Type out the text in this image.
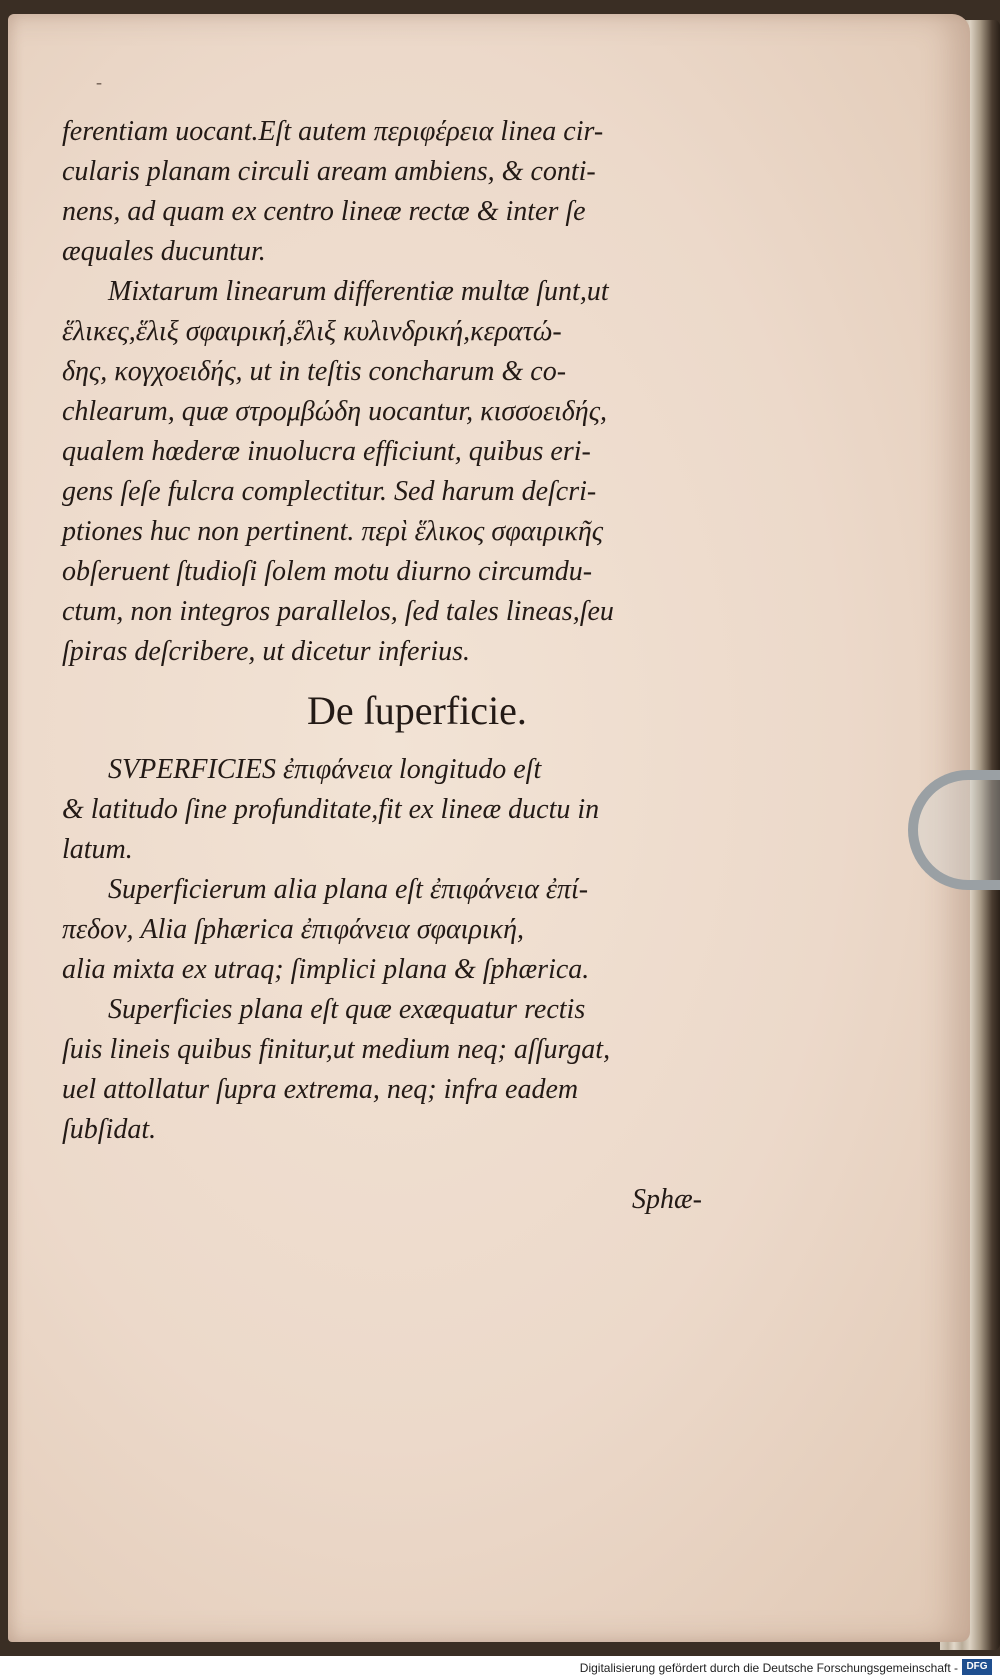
-
ferentiam uocant.Eſt autem περιφέρεια linea cir-
cularis planam circuli aream ambiens, & conti-
nens, ad quam ex centro lineæ rectæ & inter ſe
æquales ducuntur.
Mixtarum linearum differentiæ multæ ſunt,ut
ἕλικες,ἕλιξ σφαιρική,ἕλιξ κυλινδρική,κερατώ-
δης, κογχοειδής, ut in teſtis concharum & co-
chlearum, quæ στρομβώδη uocantur, κισσοειδής,
qualem hœderæ inuolucra efficiunt, quibus eri-
gens ſeſe fulcra complectitur. Sed harum deſcri-
ptiones huc non pertinent. περὶ ἕλικος σφαιρικῆς
obſeruent ſtudioſi ſolem motu diurno circumdu-
ctum, non integros parallelos, ſed tales lineas,ſeu
ſpiras deſcribere, ut dicetur inferius.
De ſuperficie.
SVPERFICIES ἐπιφάνεια longitudo eſt
& latitudo ſine profunditate,fit ex lineæ ductu in
latum.
Superficierum alia plana eſt ἐπιφάνεια ἐπί-
πεδον, Alia ſphærica ἐπιφάνεια σφαιρική,
alia mixta ex utraq; ſimplici plana & ſphærica.
Superficies plana eſt quæ exæquatur rectis
ſuis lineis quibus finitur,ut medium neq; aſſurgat,
uel attollatur ſupra extrema, neq; infra eadem
ſubſidat.
Sphæ-
Digitalisierung gefördert durch die Deutsche Forschungsgemeinschaft - DFG
